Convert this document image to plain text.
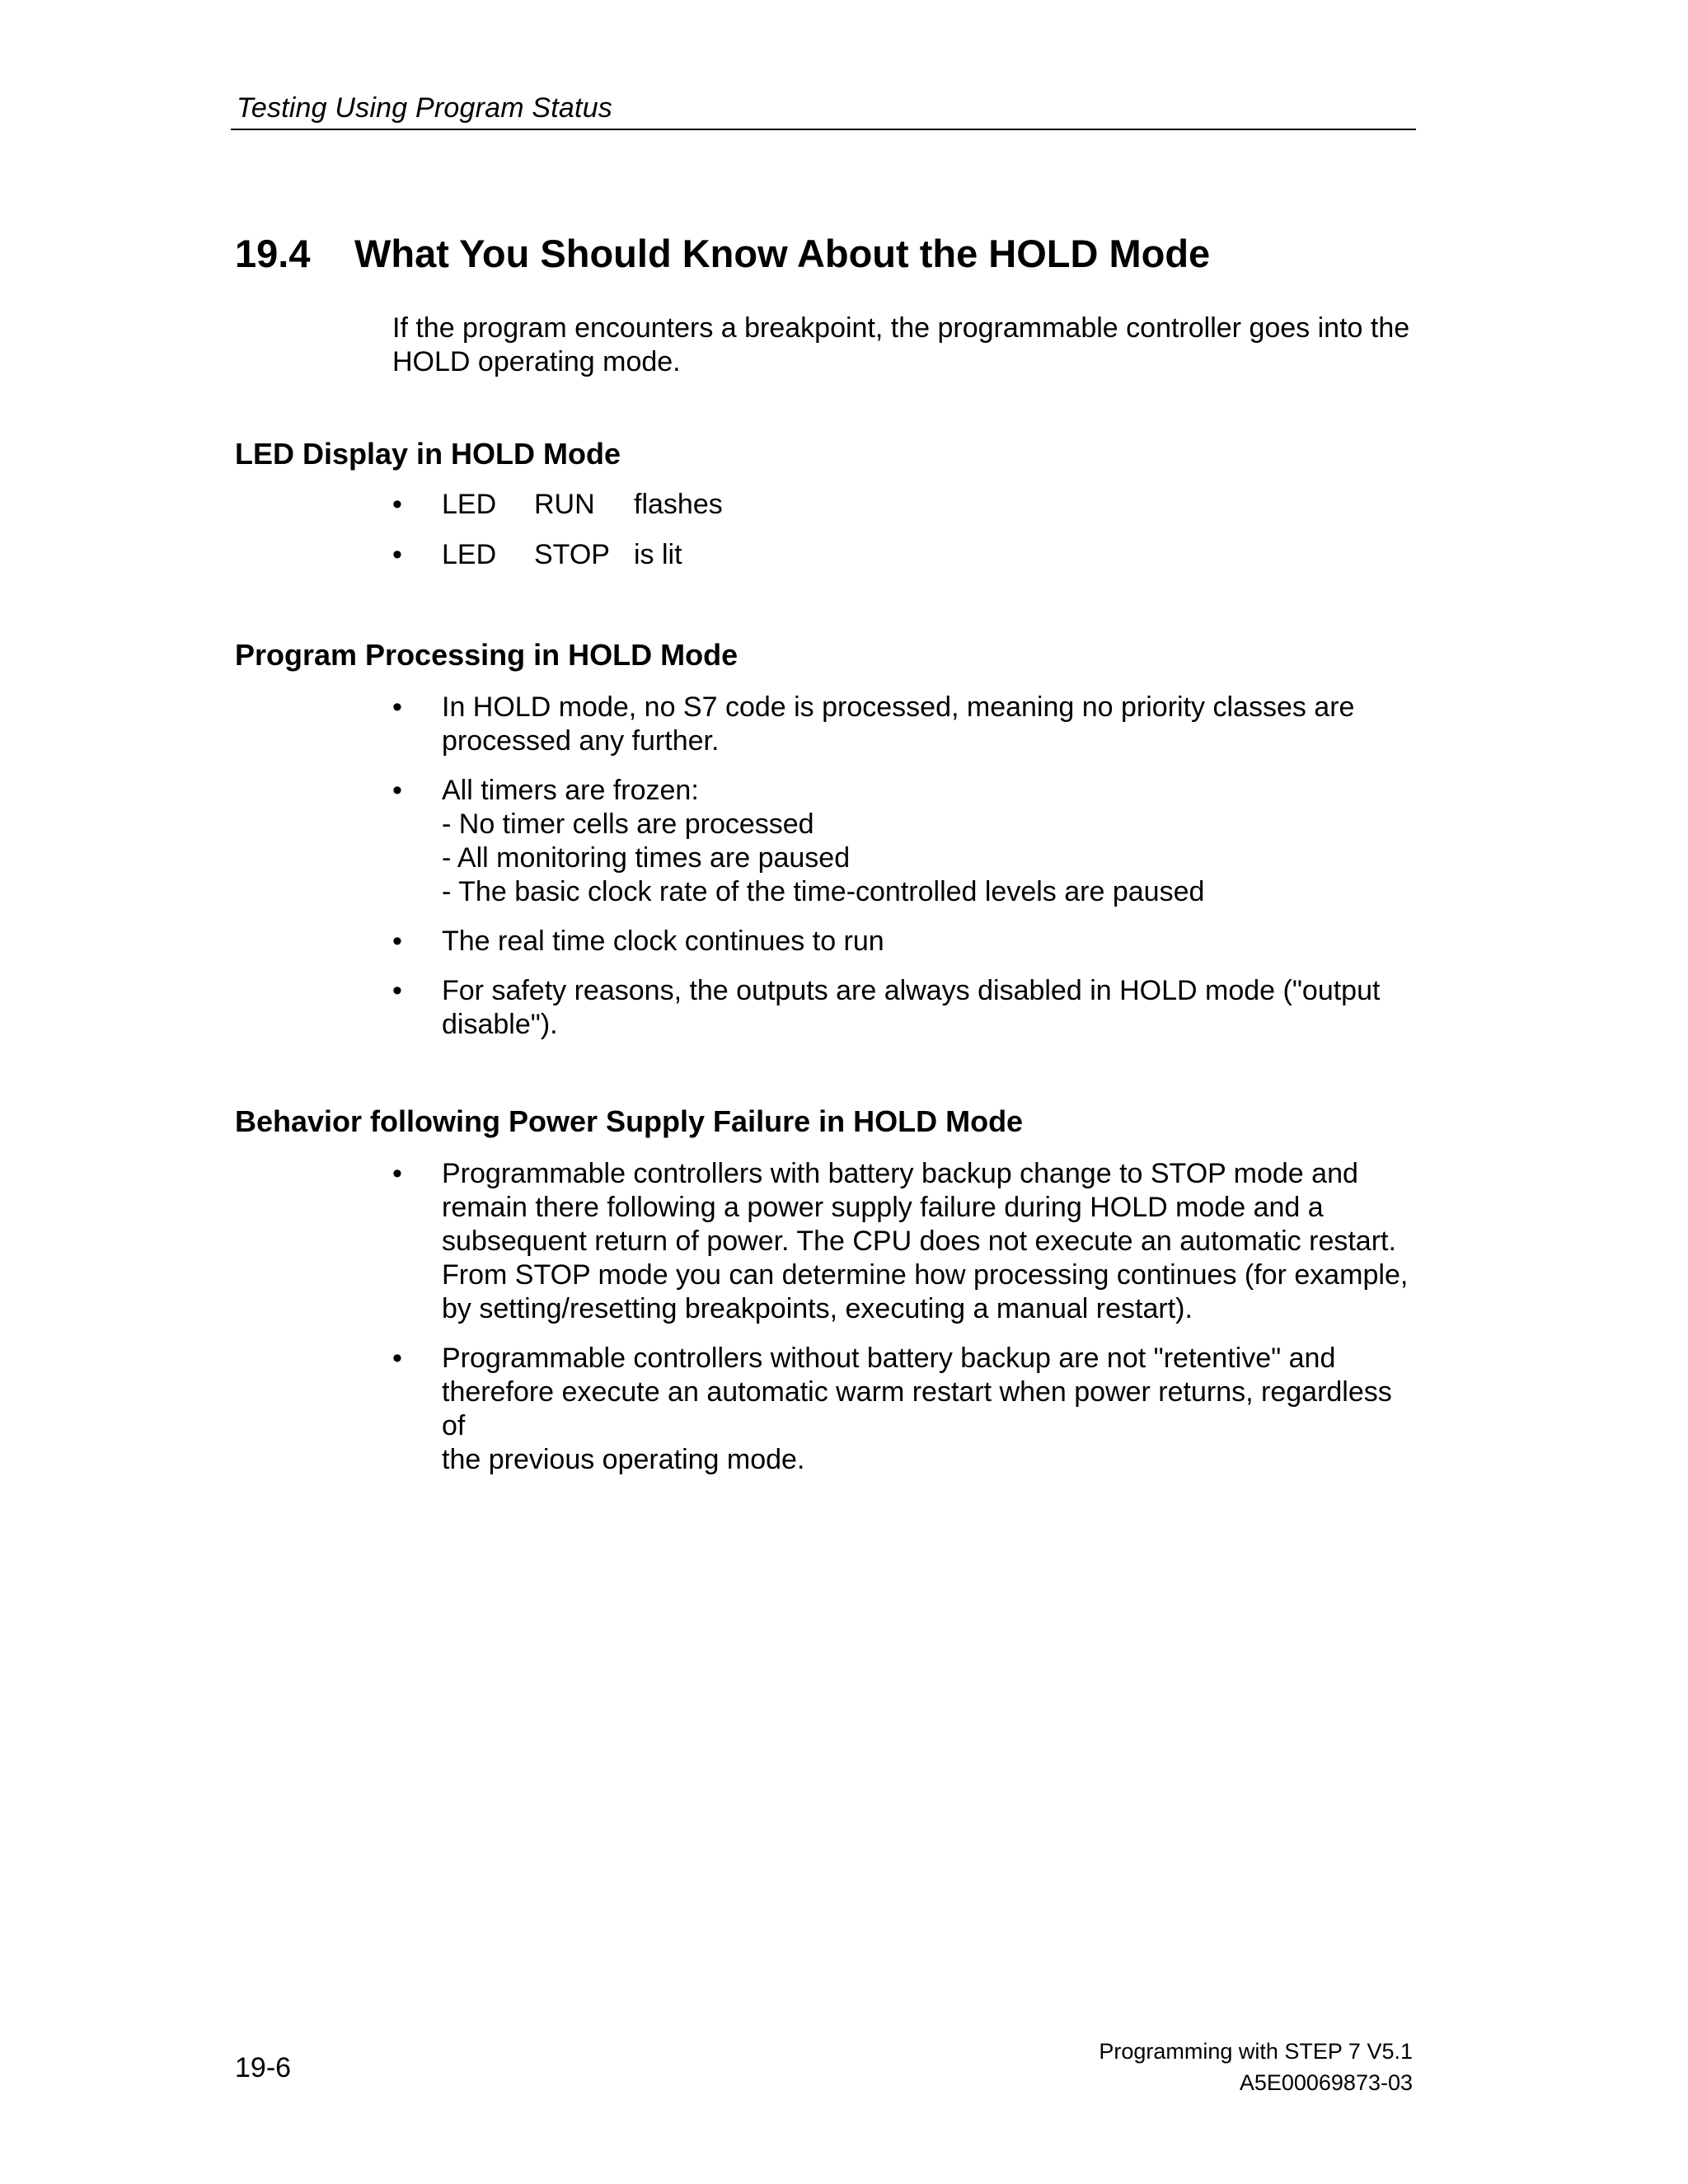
Testing Using Program Status
19.4 What You Should Know About the HOLD Mode

If the program encounters a breakpoint, the programmable controller goes into the HOLD operating mode.

LED Display in HOLD Mode
•	LED RUN flashes
•	LED STOP is lit
Program Processing in HOLD Mode
•	In HOLD mode, no S7 code is processed, meaning no priority classes are
processed any further.
•	All timers are frozen:
- No timer cells are processed
- All monitoring times are paused
- The basic clock rate of the time-controlled levels are paused
•	The real time clock continues to run
•	For safety reasons, the outputs are always disabled in HOLD mode ("output
disable").
Behavior following Power Supply Failure in HOLD Mode
•	Programmable controllers with battery backup change to STOP mode and
remain there following a power supply failure during HOLD mode and a
subsequent return of power. The CPU does not execute an automatic restart.
From STOP mode you can determine how processing continues (for example,
by setting/resetting breakpoints, executing a manual restart).
•	Programmable controllers without battery backup are not "retentive" and
therefore execute an automatic warm restart when power returns, regardless of
the previous operating mode.
Programming with STEP 7 V5.1
A5E00069873-03
19-6
